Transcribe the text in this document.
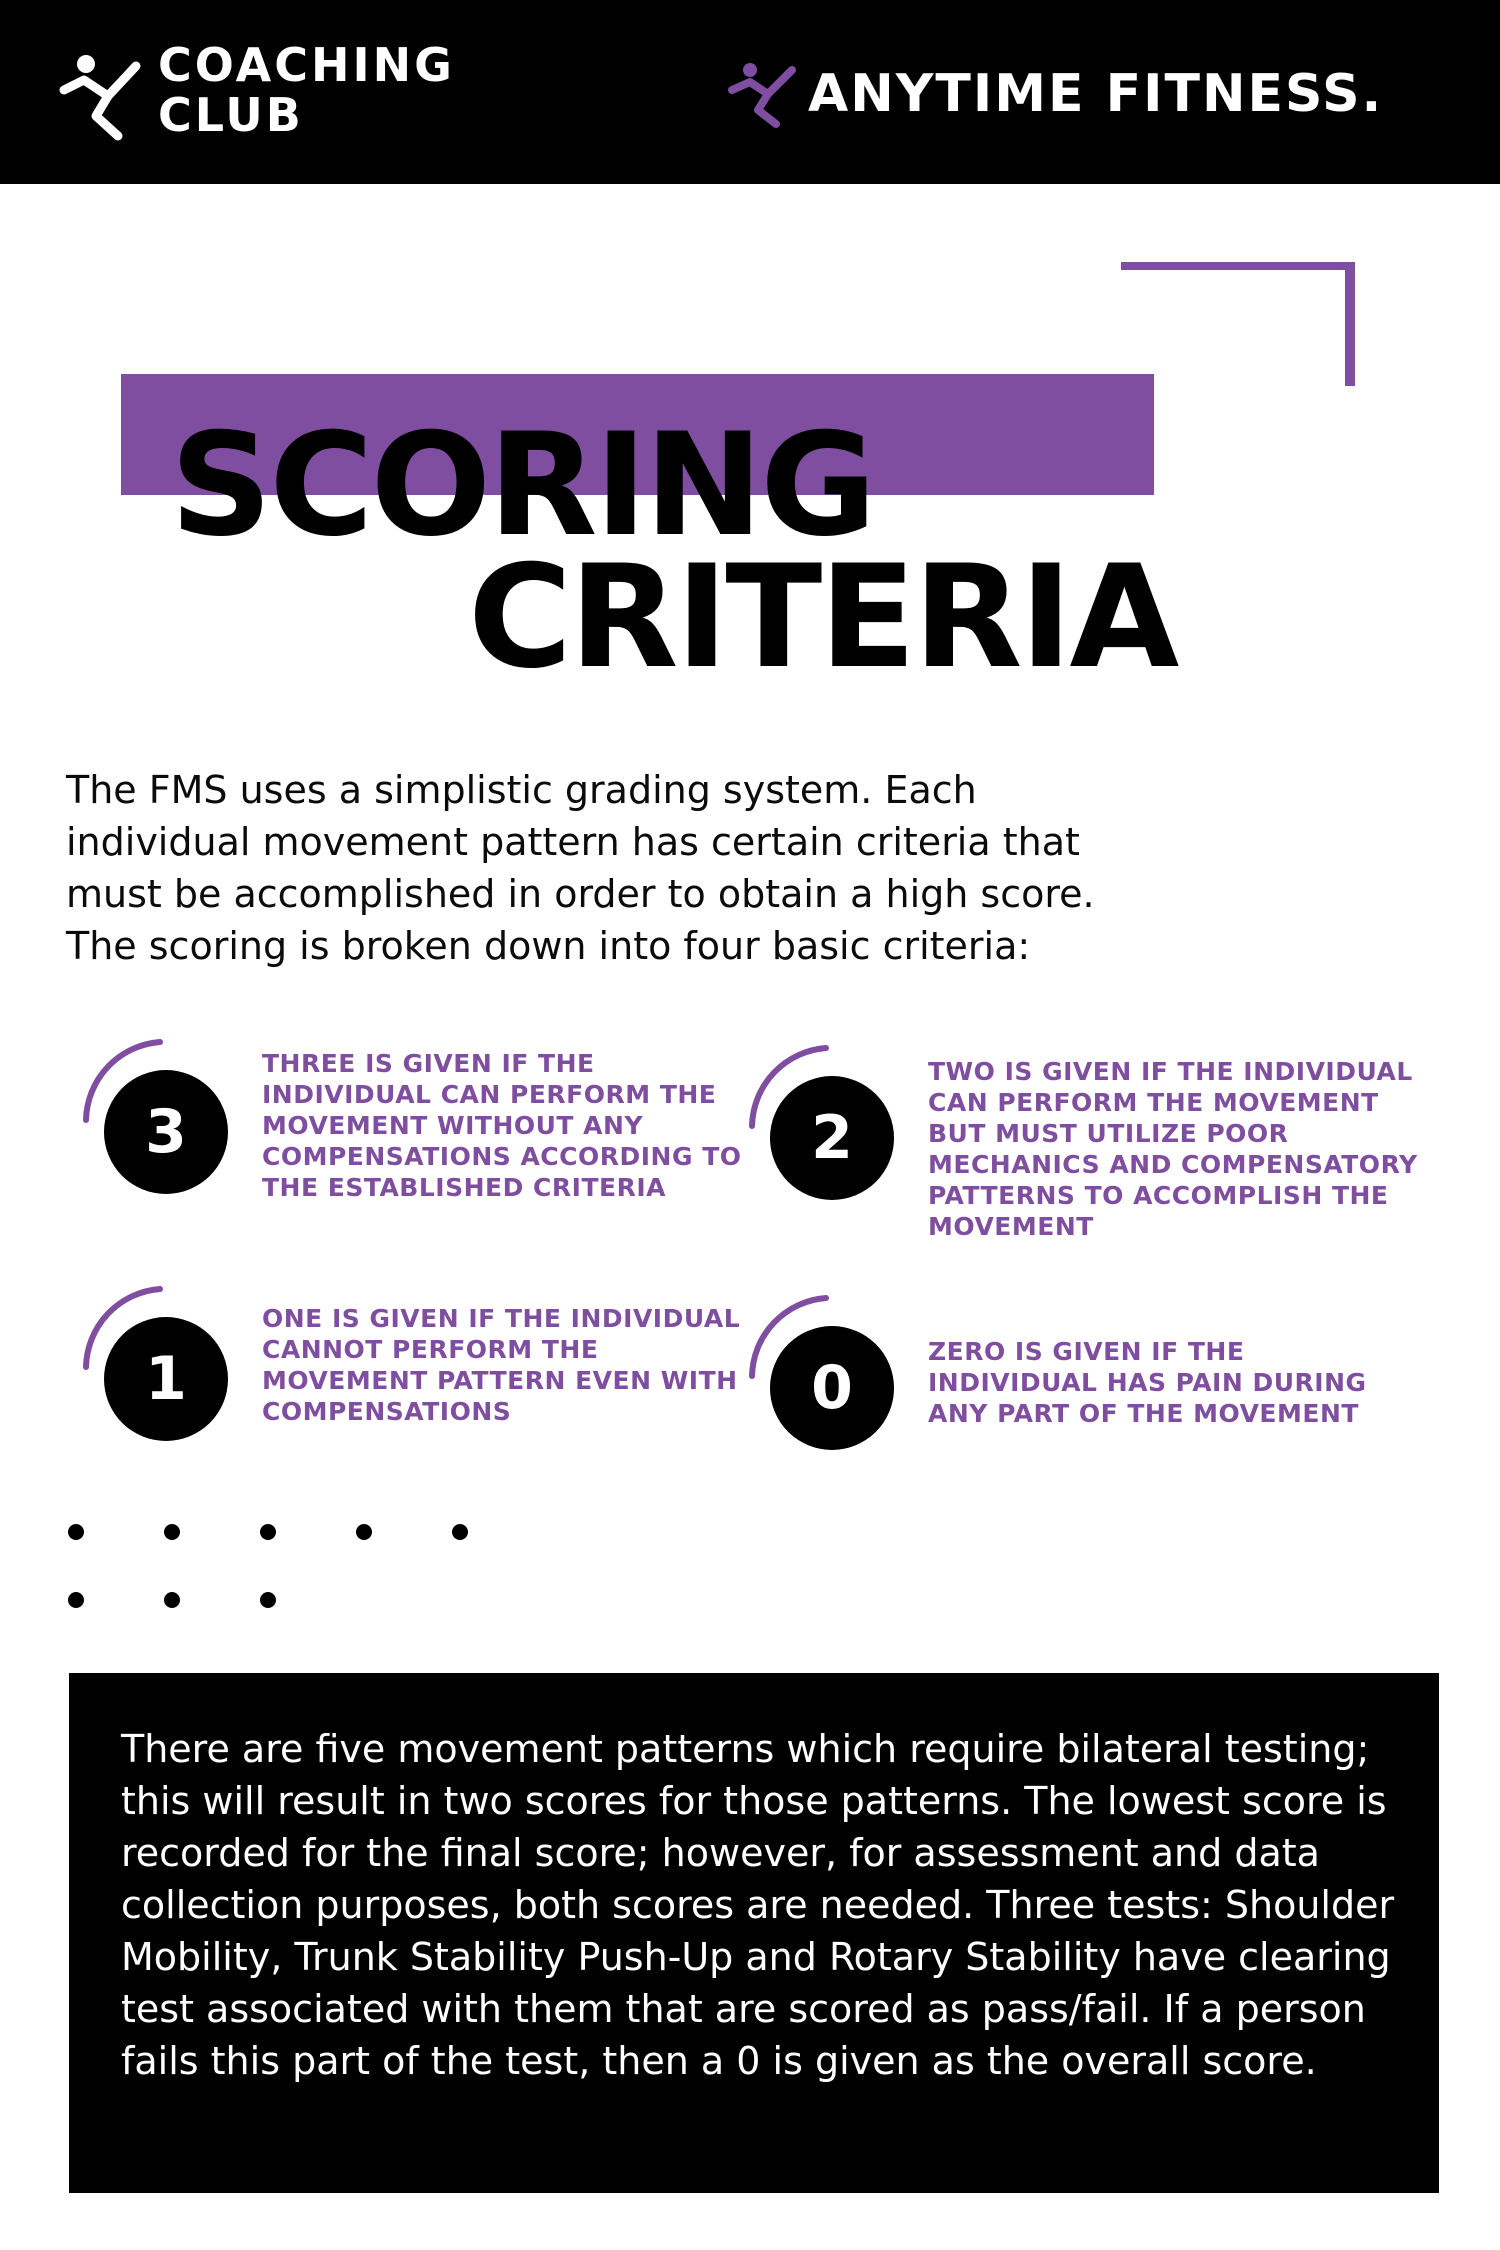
COACHING
CLUB	ANYTIME FITNESS.
SCORING
CRITERIA

The FMS uses a simplistic grading system. Each individual movement pattern has certain criteria that must be accomplished in order to obtain a high score. The scoring is broken down into four basic criteria:

3

THREE IS GIVEN IF THE INDIVIDUAL CAN PERFORM THE MOVEMENT WITHOUT ANY COMPENSATIONS ACCORDING TO THE ESTABLISHED CRITERIA

2

TWO IS GIVEN IF THE INDIVIDUAL CAN PERFORM THE MOVEMENT BUT MUST UTILIZE POOR MECHANICS AND COMPENSATORY PATTERNS TO ACCOMPLISH THE MOVEMENT

1

ONE IS GIVEN IF THE INDIVIDUAL CANNOT PERFORM THE MOVEMENT PATTERN EVEN WITH COMPENSATIONS	0

ZERO IS GIVEN IF THE INDIVIDUAL HAS PAIN DURING ANY PART OF THE MOVEMENT

There are five movement patterns which require bilateral testing; this will result in two scores for those patterns. The lowest score is recorded for the final score; however, for assessment and data collection purposes, both scores are needed. Three tests: Shoulder Mobility, Trunk Stability Push-Up and Rotary Stability have clearing test associated with them that are scored as pass/fail. If a person fails this part of the test, then a 0 is given as the overall score.
